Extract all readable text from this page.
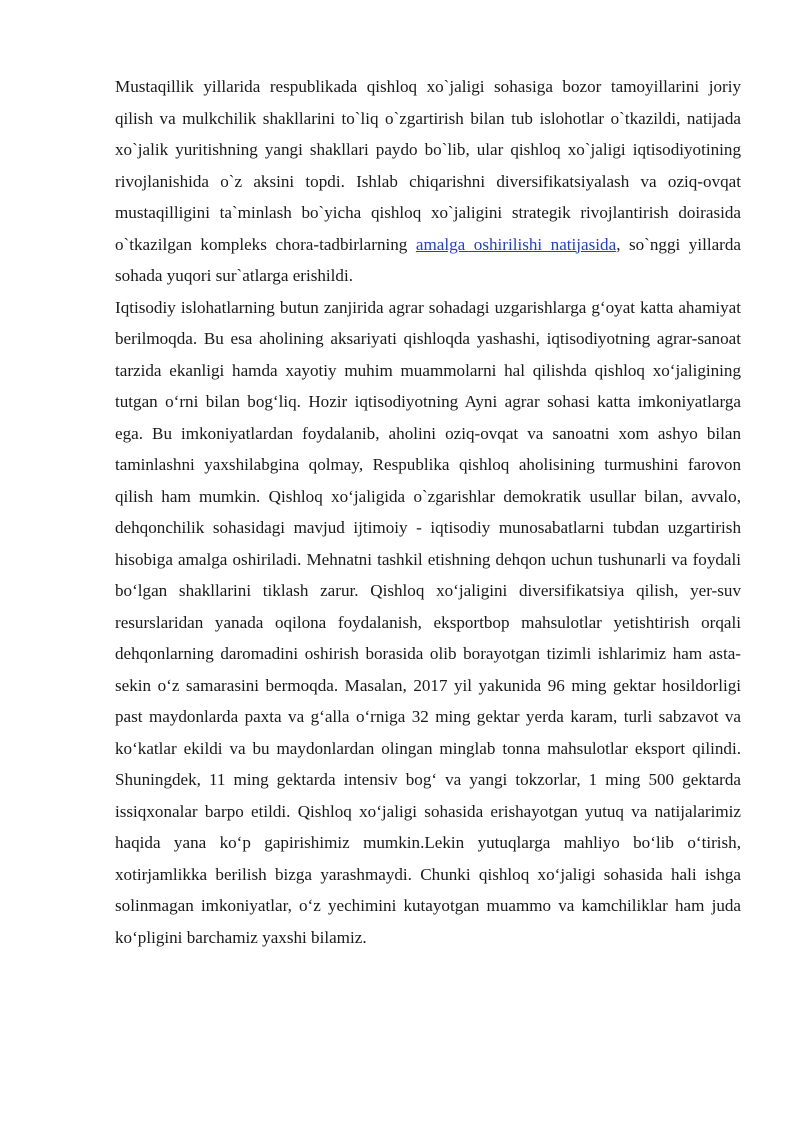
Mustaqillik yillarida respublikada qishloq xo`jaligi sohasiga bozor tamoyillarini joriy qilish va mulkchilik shakllarini to`liq o`zgartirish bilan tub islohotlar o`tkazildi, natijada xo`jalik yuritishning yangi shakllari paydo bo`lib, ular qishloq xo`jaligi iqtisodiyotining rivojlanishida o`z aksini topdi. Ishlab chiqarishni diversifikatsiyalash va oziq-ovqat mustaqilligini ta`minlash bo`yicha qishloq xo`jaligini strategik rivojlantirish doirasida o`tkazilgan kompleks chora-tadbirlarning amalga oshirilishi natijasida, so`nggi yillarda sohada yuqori sur`atlarga erishildi.

Iqtisodiy islohatlarning butun zanjirida agrar sohadagi uzgarishlarga g‘oyat katta ahamiyat berilmoqda. Bu esa aholining aksariyati qishloqda yashashi, iqtisodiyotning agrar-sanoat tarzida ekanligi hamda xayotiy muhim muammolarni hal qilishda qishloq xo‘jaligining tutgan o‘rni bilan bog‘liq. Hozir iqtisodiyotning Ayni agrar sohasi katta imkoniyatlarga ega. Bu imkoniyatlardan foydalanib, aholini oziq-ovqat va sanoatni xom ashyo bilan taminlashni yaxshilabgina qolmay, Respublika qishloq aholisining turmushini farovon qilish ham mumkin. Qishloq xo‘jaligida o`zgarishlar demokratik usullar bilan, avvalo, dehqonchilik sohasidagi mavjud ijtimoiy - iqtisodiy munosabatlarni tubdan uzgartirish hisobiga amalga oshiriladi. Mehnatni tashkil etishning dehqon uchun tushunarli va foydali bo‘lgan shakllarini tiklash zarur. Qishloq xo‘jaligini diversifikatsiya qilish, yer-suv resurslaridan yanada oqilona foydalanish, eksportbop mahsulotlar yetishtirish orqali dehqonlarning daromadini oshirish borasida olib borayotgan tizimli ishlarimiz ham asta-sekin o‘z samarasini bermoqda. Masalan, 2017 yil yakunida 96 ming gektar hosildorligi past maydonlarda paxta va g‘alla o‘rniga 32 ming gektar yerda karam, turli sabzavot va ko‘katlar ekildi va bu maydonlardan olingan minglab tonna mahsulotlar eksport qilindi. Shuningdek, 11 ming gektarda intensiv bog‘ va yangi tokzorlar, 1 ming 500 gektarda issiqxonalar barpo etildi. Qishloq xo‘jaligi sohasida erishayotgan yutuq va natijalarimiz haqida yana ko‘p gapirishimiz mumkin.Lekin yutuqlarga mahliyo bo‘lib o‘tirish, xotirjamlikka berilish bizga yarashmaydi. Chunki qishloq xo‘jaligi sohasida hali ishga solinmagan imkoniyatlar, o‘z yechimini kutayotgan muammo va kamchiliklar ham juda ko‘pligini barchamiz yaxshi bilamiz.
